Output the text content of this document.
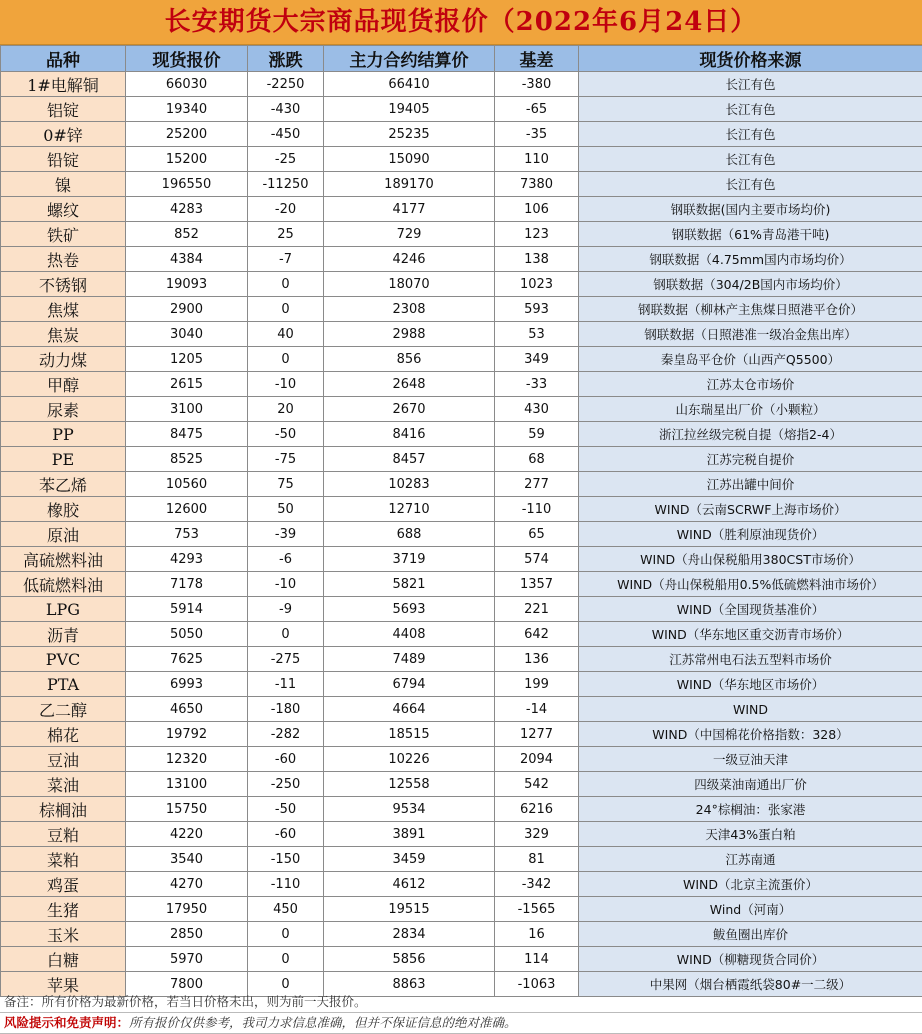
长安期货大宗商品现货报价（2022年6月24日）
品种	现货报价	涨跌	主力合约结算价	基差	现货价格来源
1#电解铜	66030	-2250	66410	-380	长江有色
铝锭	19340	-430	19405	-65	长江有色
0#锌	25200	-450	25235	-35	长江有色
铅锭	15200	-25	15090	110	长江有色
镍	196550	-11250	189170	7380	长江有色
螺纹	4283	-20	4177	106	钢联数据(国内主要市场均价)
铁矿	852	25	729	123	钢联数据（61%青岛港干吨)
热卷	4384	-7	4246	138	钢联数据（4.75mm国内市场均价）
不锈钢	19093	0	18070	1023	钢联数据（304/2B国内市场均价）
焦煤	2900	0	2308	593	钢联数据（柳林产主焦煤日照港平仓价）
焦炭	3040	40	2988	53	钢联数据（日照港准一级冶金焦出库）
动力煤	1205	0	856	349	秦皇岛平仓价（山西产Q5500）
甲醇	2615	-10	2648	-33	江苏太仓市场价
尿素	3100	20	2670	430	山东瑞星出厂价（小颗粒）
PP	8475	-50	8416	59	浙江拉丝级完税自提（熔指2-4）
PE	8525	-75	8457	68	江苏完税自提价
苯乙烯	10560	75	10283	277	江苏出罐中间价
橡胶	12600	50	12710	-110	WIND（云南SCRWF上海市场价）
原油	753	-39	688	65	WIND（胜利原油现货价）
高硫燃料油	4293	-6	3719	574	WIND（舟山保税船用380CST市场价）
低硫燃料油	7178	-10	5821	1357	WIND（舟山保税船用0.5%低硫燃料油市场价）
LPG	5914	-9	5693	221	WIND（全国现货基准价）
沥青	5050	0	4408	642	WIND（华东地区重交沥青市场价）
PVC	7625	-275	7489	136	江苏常州电石法五型料市场价
PTA	6993	-11	6794	199	WIND（华东地区市场价）
乙二醇	4650	-180	4664	-14	WIND
棉花	19792	-282	18515	1277	WIND（中国棉花价格指数：328）
豆油	12320	-60	10226	2094	一级豆油天津
菜油	13100	-250	12558	542	四级菜油南通出厂价
棕榈油	15750	-50	9534	6216	24°棕榈油：张家港
豆粕	4220	-60	3891	329	天津43%蛋白粕
菜粕	3540	-150	3459	81	江苏南通
鸡蛋	4270	-110	4612	-342	WIND（北京主流蛋价）
生猪	17950	450	19515	-1565	Wind（河南）
玉米	2850	0	2834	16	鲅鱼圈出库价
白糖	5970	0	5856	114	WIND（柳糖现货合同价）
苹果	7800	0	8863	-1063	中果网（烟台栖霞纸袋80#一二级）
备注：所有价格为最新价格，若当日价格未出，则为前一天报价。
风险提示和免责声明：所有报价仅供参考，我司力求信息准确，但并不保证信息的绝对准确。
